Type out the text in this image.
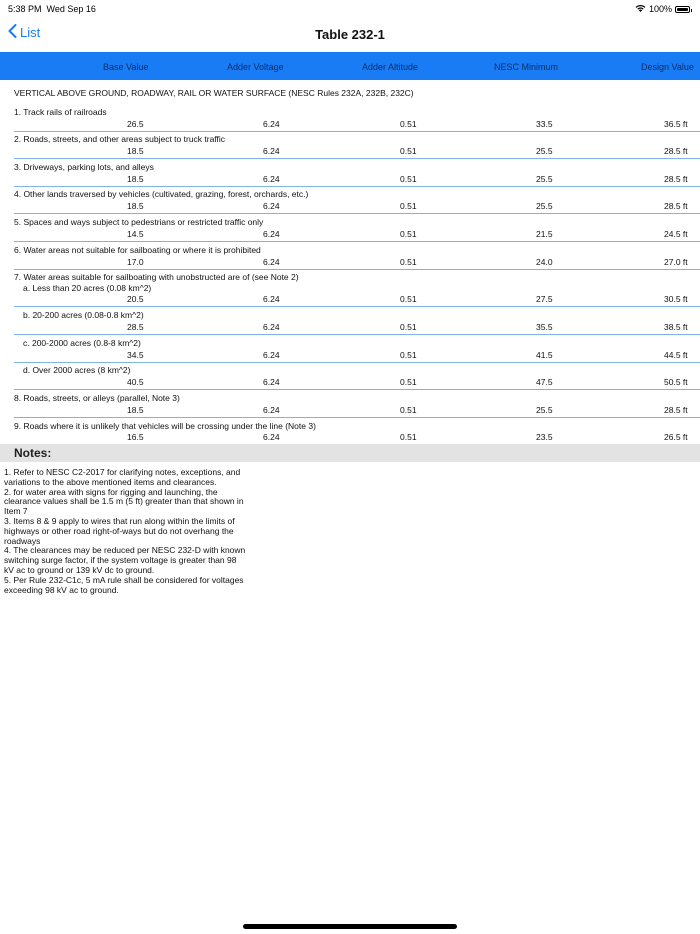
5:38 PM Wed Sep 16	100%
List	Table 232-1
Base Value	Adder Voltage	Adder Altitude	NESC Minimum	Design Value
VERTICAL ABOVE GROUND, ROADWAY, RAIL OR WATER SURFACE (NESC Rules 232A, 232B, 232C)
1. Track rails of railroads
26.5	6.24	0.51	33.5	36.5 ft
2. Roads, streets, and other areas subject to truck traffic
18.5	6.24	0.51	25.5	28.5 ft
3. Driveways, parking lots, and alleys
18.5	6.24	0.51	25.5	28.5 ft
4. Other lands traversed by vehicles (cultivated, grazing, forest, orchards, etc.)
18.5	6.24	0.51	25.5	28.5 ft
5. Spaces and ways subject to pedestrians or restricted traffic only
14.5	6.24	0.51	21.5	24.5 ft
6. Water areas not suitable for sailboating or where it is prohibited
17.0	6.24	0.51	24.0	27.0 ft
7. Water areas suitable for sailboating with unobstructed are of (see Note 2)
a. Less than 20 acres (0.08 km^2)
20.5	6.24	0.51	27.5	30.5 ft
b. 20-200 acres (0.08-0.8 km^2)
28.5	6.24	0.51	35.5	38.5 ft
c. 200-2000 acres (0.8-8 km^2)
34.5	6.24	0.51	41.5	44.5 ft
d. Over 2000 acres (8 km^2)
40.5	6.24	0.51	47.5	50.5 ft
8. Roads, streets, or alleys (parallel, Note 3)
18.5	6.24	0.51	25.5	28.5 ft
9. Roads where it is unlikely that vehicles will be crossing under the line (Note 3)
16.5	6.24	0.51	23.5	26.5 ft
Notes:
1. Refer to NESC C2-2017 for clarifying notes, exceptions, and
variations to the above mentioned items and clearances.
2. for water area with signs for rigging and launching, the
clearance values shall be 1.5 m (5 ft) greater than that shown in
Item 7
3. Items 8 & 9 apply to wires that run along within the limits of
highways or other road right-of-ways but do not overhang the
roadways
4. The clearances may be reduced per NESC 232-D with known
switching surge factor, if the system voltage is greater than 98
kV ac to ground or 139 kV dc to ground.
5. Per Rule 232-C1c, 5 mA rule shall be considered for voltages
exceeding 98 kV ac to ground.
